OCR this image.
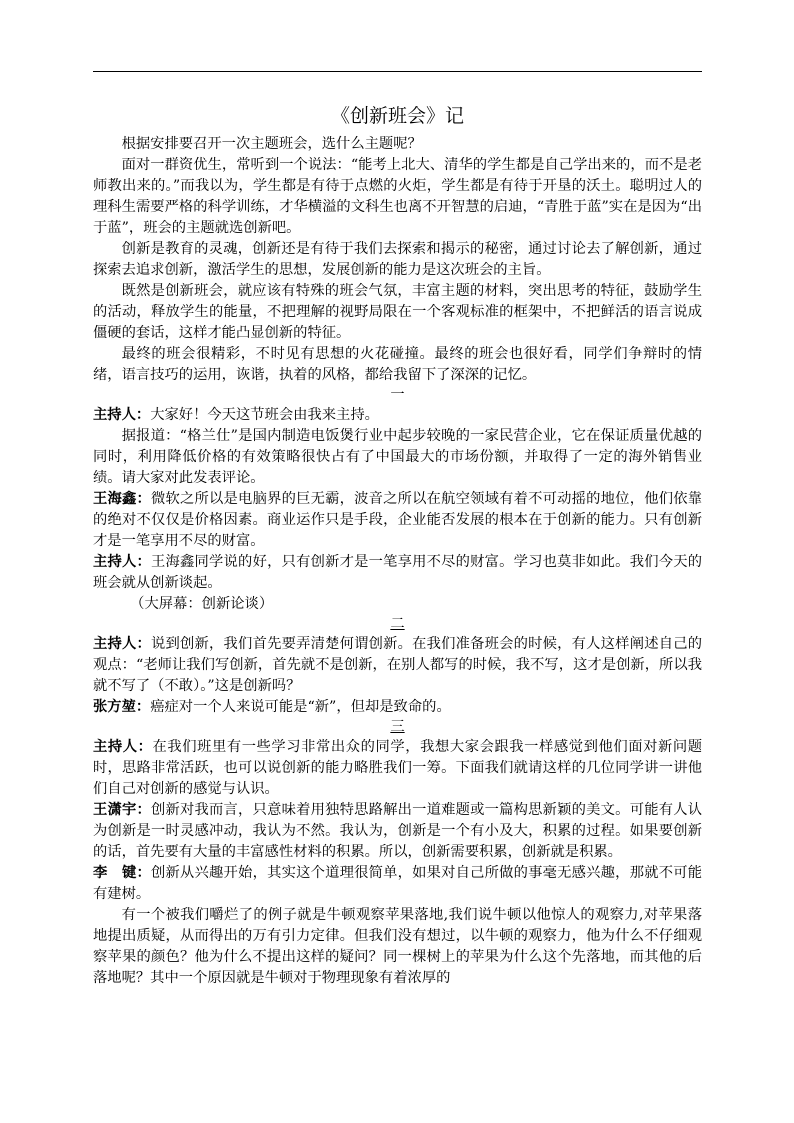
《创新班会》记

根据安排要召开一次主题班会，选什么主题呢？

面对一群资优生，常听到一个说法：“能考上北大、清华的学生都是自己学出来的，而不是老师教出来的。”而我以为，学生都是有待于点燃的火炬，学生都是有待于开垦的沃土。聪明过人的理科生需要严格的科学训练，才华横溢的文科生也离不开智慧的启迪，“青胜于蓝”实在是因为“出于蓝”，班会的主题就选创新吧。

创新是教育的灵魂，创新还是有待于我们去探索和揭示的秘密，通过讨论去了解创新，通过探索去追求创新，激活学生的思想，发展创新的能力是这次班会的主旨。

既然是创新班会，就应该有特殊的班会气氛，丰富主题的材料，突出思考的特征，鼓励学生的活动，释放学生的能量，不把理解的视野局限在一个客观标准的框架中，不把鲜活的语言说成僵硬的套话，这样才能凸显创新的特征。

最终的班会很精彩，不时见有思想的火花碰撞。最终的班会也很好看，同学们争辩时的情绪，语言技巧的运用，诙谐，执着的风格，都给我留下了深深的记忆。

一

主持人：大家好！今天这节班会由我来主持。

据报道：“格兰仕”是国内制造电饭煲行业中起步较晚的一家民营企业，它在保证质量优越的同时，利用降低价格的有效策略很快占有了中国最大的市场份额，并取得了一定的海外销售业绩。请大家对此发表评论。

王海鑫：微软之所以是电脑界的巨无霸，波音之所以在航空领域有着不可动摇的地位，他们依靠的绝对不仅仅是价格因素。商业运作只是手段，企业能否发展的根本在于创新的能力。只有创新才是一笔享用不尽的财富。

主持人：王海鑫同学说的好，只有创新才是一笔享用不尽的财富。学习也莫非如此。我们今天的班会就从创新谈起。

（大屏幕：创新论谈）

二

主持人：说到创新，我们首先要弄清楚何谓创新。在我们准备班会的时候，有人这样阐述自己的观点：“老师让我们写创新，首先就不是创新，在别人都写的时候，我不写，这才是创新，所以我就不写了（不敢）。”这是创新吗？

张方堃：癌症对一个人来说可能是“新”，但却是致命的。

三

主持人：在我们班里有一些学习非常出众的同学，我想大家会跟我一样感觉到他们面对新问题时，思路非常活跃，也可以说创新的能力略胜我们一筹。下面我们就请这样的几位同学讲一讲他们自己对创新的感觉与认识。

王潇宇：创新对我而言，只意味着用独特思路解出一道难题或一篇构思新颖的美文。可能有人认为创新是一时灵感冲动，我认为不然。我认为，创新是一个有小及大，积累的过程。如果要创新的话，首先要有大量的丰富感性材料的积累。所以，创新需要积累，创新就是积累。

李　键：创新从兴趣开始，其实这个道理很简单，如果对自己所做的事毫无感兴趣，那就不可能有建树。

有一个被我们嚼烂了的例子就是牛顿观察苹果落地,我们说牛顿以他惊人的观察力,对苹果落地提出质疑，从而得出的万有引力定律。但我们没有想过，以牛顿的观察力，他为什么不仔细观察苹果的颜色？他为什么不提出这样的疑问？同一棵树上的苹果为什么这个先落地，而其他的后落地呢？其中一个原因就是牛顿对于物理现象有着浓厚的
